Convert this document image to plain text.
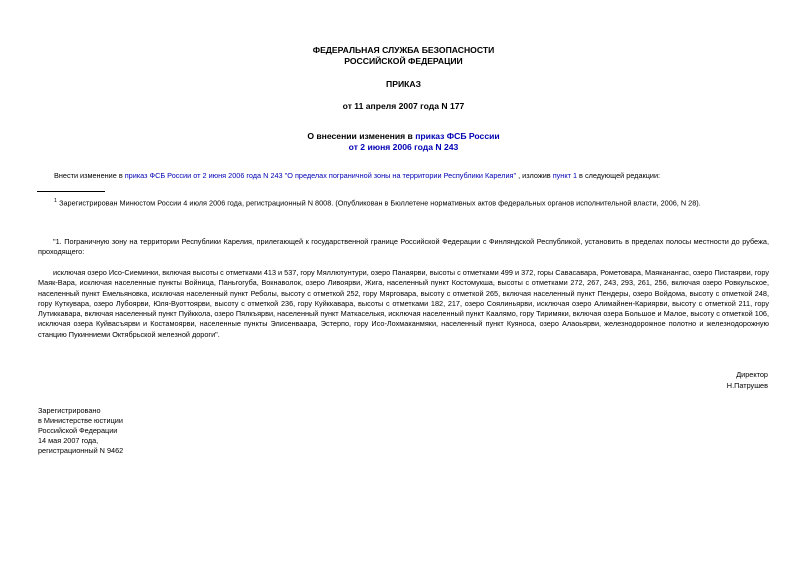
ФЕДЕРАЛЬНАЯ СЛУЖБА БЕЗОПАСНОСТИ
РОССИЙСКОЙ ФЕДЕРАЦИИ
ПРИКАЗ
от 11 апреля 2007 года N 177
О внесении изменения в приказ ФСБ России
от 2 июня 2006 года N 243
Внести изменение в приказ ФСБ России от 2 июня 2006 года N 243 "О пределах пограничной зоны на территории Республики Карелия" , изложив пункт 1 в следующей редакции:
$^1$ Зарегистрирован Минюстом России 4 июля 2006 года, регистрационный N 8008. (Опубликован в Бюллетене нормативных актов федеральных органов исполнительной власти, 2006, N 28).
"1. Пограничную зону на территории Республики Карелия, прилегающей к государственной границе Российской Федерации с Финляндской Республикой, установить в пределах полосы местности до рубежа, проходящего:
исключая озеро Исо-Сиеминки, включая высоты с отметками 413 и 537, гору Мяллютунтури, озеро Панаярви, высоты с отметками 499 и 372, горы Савасавара, Рометовара, Маяканангас, озеро Пистаярви, гору Маяк-Вара, исключая населенные пункты Войница, Паньгогуба, Вокнаволок, озеро Ливоярви, Жига, населенный пункт Костомукша, высоты с отметками 272, 267, 243, 293, 261, 256, включая озеро Ровкульское, населенный пункт Емельяновка, исключая населенный пункт Реболы, высоту с отметкой 252, гору Мярговара, высоту с отметкой 265, включая населенный пункт Пендеры, озеро Войдома, высоту с отметкой 248, гору Куткувара, озеро Лубоярви, Юля-Вуоттоярви, высоту с отметкой 236, гору Куйккавара, высоты с отметками 182, 217, озеро Соялиньярви, исключая озеро Алимайнен-Кариярви, высоту с отметкой 211, гору Лутиккавара, включая населенный пункт Пуйккола, озеро Пялкъярви, населенный пункт Маткаселькя, исключая населенный пункт Каалямо, гору Тиримяки, включая озера Большое и Малое, высоту с отметкой 106, исключая озера Куйвасъярви и Костамоярви, населенные пункты Элисенваара, Эстерпо, гору Исо-Лохмаканмяки, населенный пункт Куяноса, озеро Алаоьярви, железнодорожное полотно и железнодорожную станцию Пукинниеми Октябрьской железной дороги".
Директор
Н.Патрушев
Зарегистрировано
в Министерстве юстиции
Российской Федерации
14 мая 2007 года,
регистрационный N 9462
